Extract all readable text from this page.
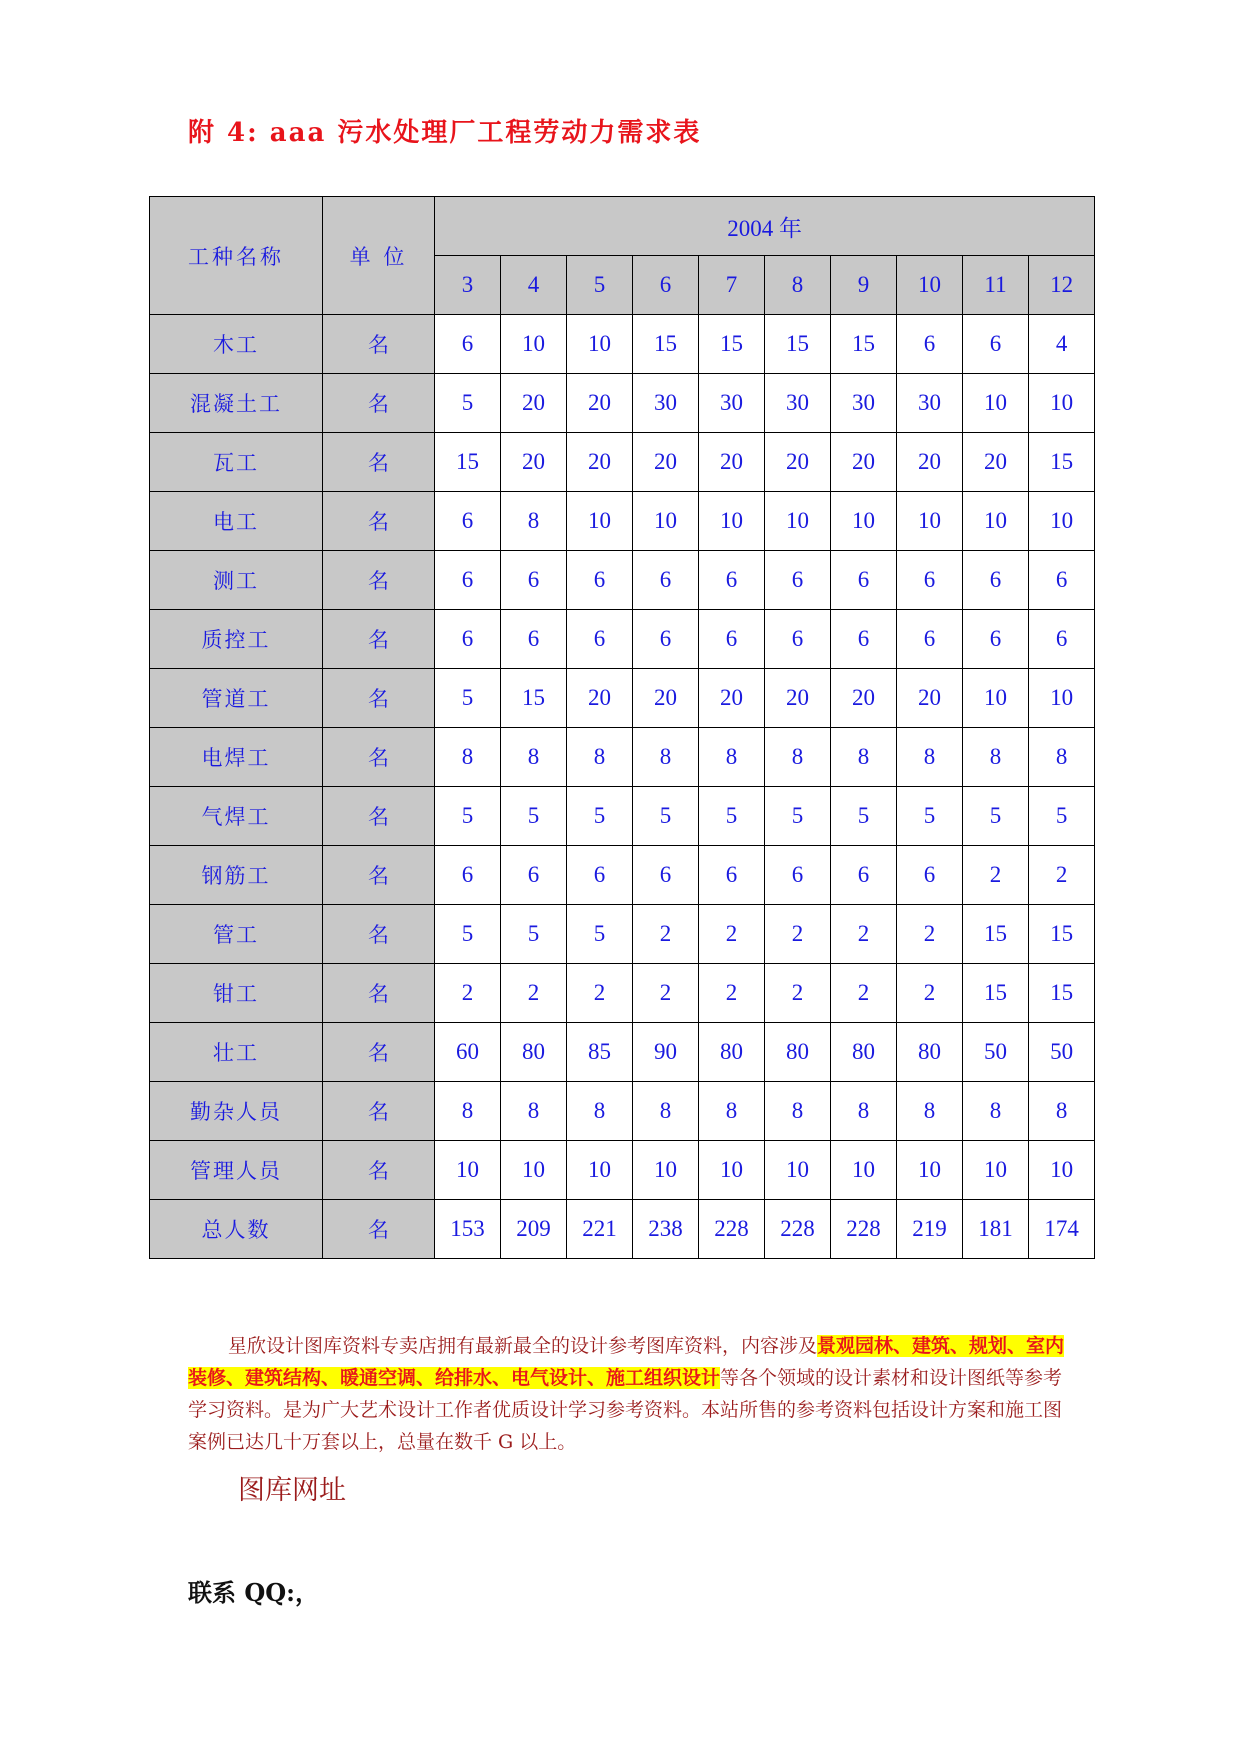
附 4: aaa 污水处理厂工程劳动力需求表
工种名称	单 位	2004 年									
		3	4	5	6	7	8	9	10	11	12
木工	名	6	10	10	15	15	15	15	6	6	4
混凝土工	名	5	20	20	30	30	30	30	30	10	10
瓦工	名	15	20	20	20	20	20	20	20	20	15
电工	名	6	8	10	10	10	10	10	10	10	10
测工	名	6	6	6	6	6	6	6	6	6	6
质控工	名	6	6	6	6	6	6	6	6	6	6
管道工	名	5	15	20	20	20	20	20	20	10	10
电焊工	名	8	8	8	8	8	8	8	8	8	8
气焊工	名	5	5	5	5	5	5	5	5	5	5
钢筋工	名	6	6	6	6	6	6	6	6	2	2
管工	名	5	5	5	2	2	2	2	2	15	15
钳工	名	2	2	2	2	2	2	2	2	15	15
壮工	名	60	80	85	90	80	80	80	80	50	50
勤杂人员	名	8	8	8	8	8	8	8	8	8	8
管理人员	名	10	10	10	10	10	10	10	10	10	10
总人数	名	153	209	221	238	228	228	228	219	181	174
星欣设计图库资料专卖店拥有最新最全的设计参考图库资料，内容涉及景观园林、建筑、规划、室内装修、建筑结构、暖通空调、给排水、电气设计、施工组织设计等各个领域的设计素材和设计图纸等参考学习资料。是为广大艺术设计工作者优质设计学习参考资料。本站所售的参考资料包括设计方案和施工图案例已达几十万套以上，总量在数千 G 以上。
图库网址
联系 QQ:，
